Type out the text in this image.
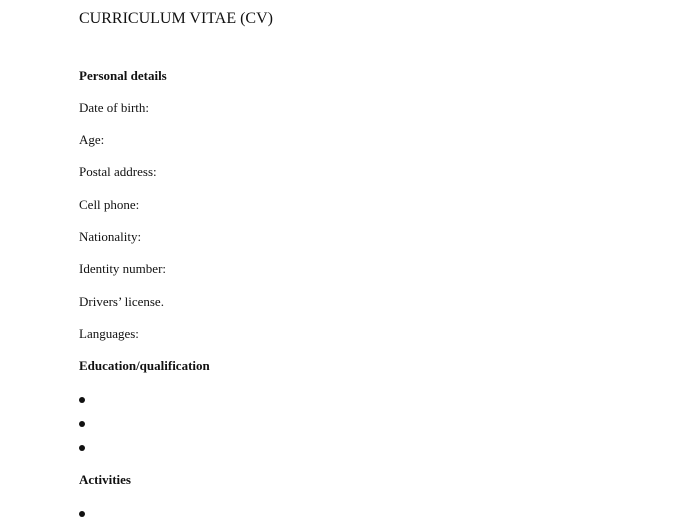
CURRICULUM VITAE (CV)
Personal details
Date of birth:
Age:
Postal address:
Cell phone:
Nationality:
Identity number:
Drivers’ license.
Languages:
Education/qualification
Activities
